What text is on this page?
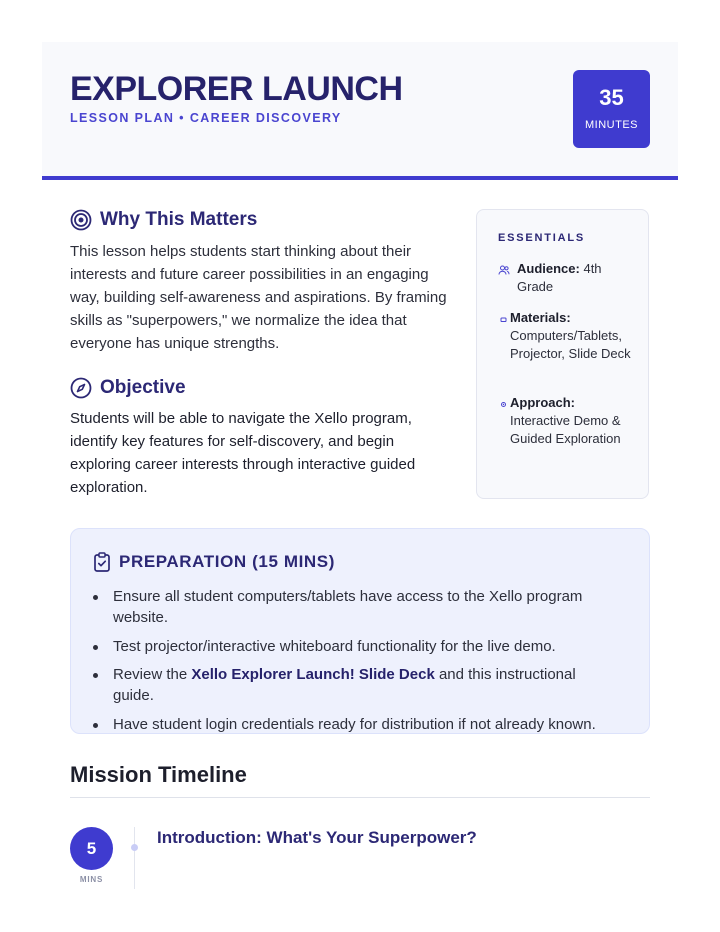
EXPLORER LAUNCH
LESSON PLAN • CAREER DISCOVERY
35
MINUTES
Why This Matters

This lesson helps students start thinking about their interests and future career possibilities in an engaging way, building self-awareness and aspirations. By framing skills as "superpowers," we normalize the idea that everyone has unique strengths.

Objective

Students will be able to navigate the Xello program, identify key features for self-discovery, and begin exploring career interests through interactive guided exploration.

ESSENTIALS
Audience: 4th Grade
Materials:
Computers/Tablets, Projector, Slide Deck
Approach:
Interactive Demo & Guided Exploration
PREPARATION (15 MINS)
Ensure all student computers/tablets have access to the Xello program website.
Test projector/interactive whiteboard functionality for the live demo.
Review the Xello Explorer Launch! Slide Deck and this instructional guide.
Have student login credentials ready for distribution if not already known.
Mission Timeline
5
MINS
Introduction: What's Your Superpower?
